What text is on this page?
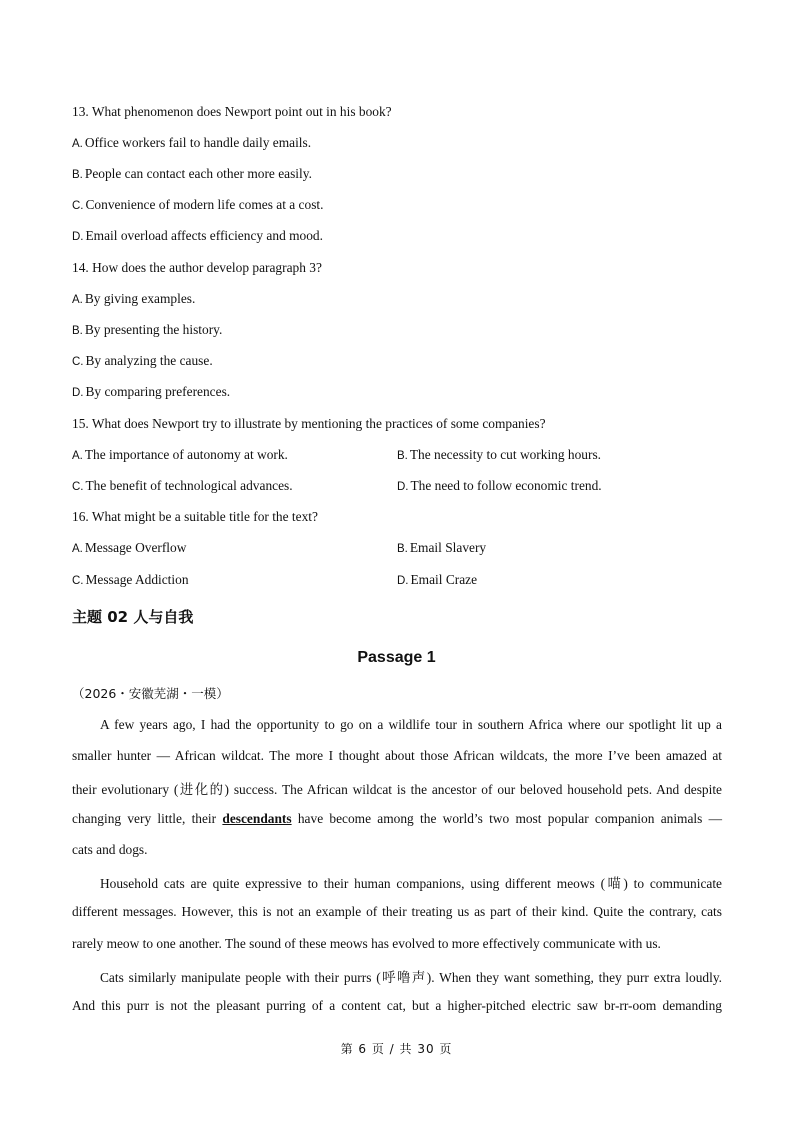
13. What phenomenon does Newport point out in his book?
A. Office workers fail to handle daily emails.
B. People can contact each other more easily.
C. Convenience of modern life comes at a cost.
D. Email overload affects efficiency and mood.
14. How does the author develop paragraph 3?
A. By giving examples.
B. By presenting the history.
C. By analyzing the cause.
D. By comparing preferences.
15. What does Newport try to illustrate by mentioning the practices of some companies?
A. The importance of autonomy at work.	B. The necessity to cut working hours.
C. The benefit of technological advances.	D. The need to follow economic trend.
16. What might be a suitable title for the text?
A. Message Overflow	B. Email Slavery
C. Message Addiction	D. Email Craze
主题 02 人与自我
Passage 1
（2026・安徽芜湖・一模）
A few years ago, I had the opportunity to go on a wildlife tour in southern Africa where our spotlight lit up a
smaller hunter — African wildcat. The more I thought about those African wildcats, the more I’ve been amazed at
their evolutionary (进化的) success. The African wildcat is the ancestor of our beloved household pets. And despite
changing very little, their descendants have become among the world’s two most popular companion animals —
cats and dogs.
Household cats are quite expressive to their human companions, using different meows (喵) to communicate
different messages. However, this is not an example of their treating us as part of their kind. Quite the contrary, cats
rarely meow to one another. The sound of these meows has evolved to more effectively communicate with us.
Cats similarly manipulate people with their purrs (呼噜声). When they want something, they purr extra loudly.
And this purr is not the pleasant purring of a content cat, but a higher-pitched electric saw br-rr-oom demanding
第 6 页 / 共 30 页
